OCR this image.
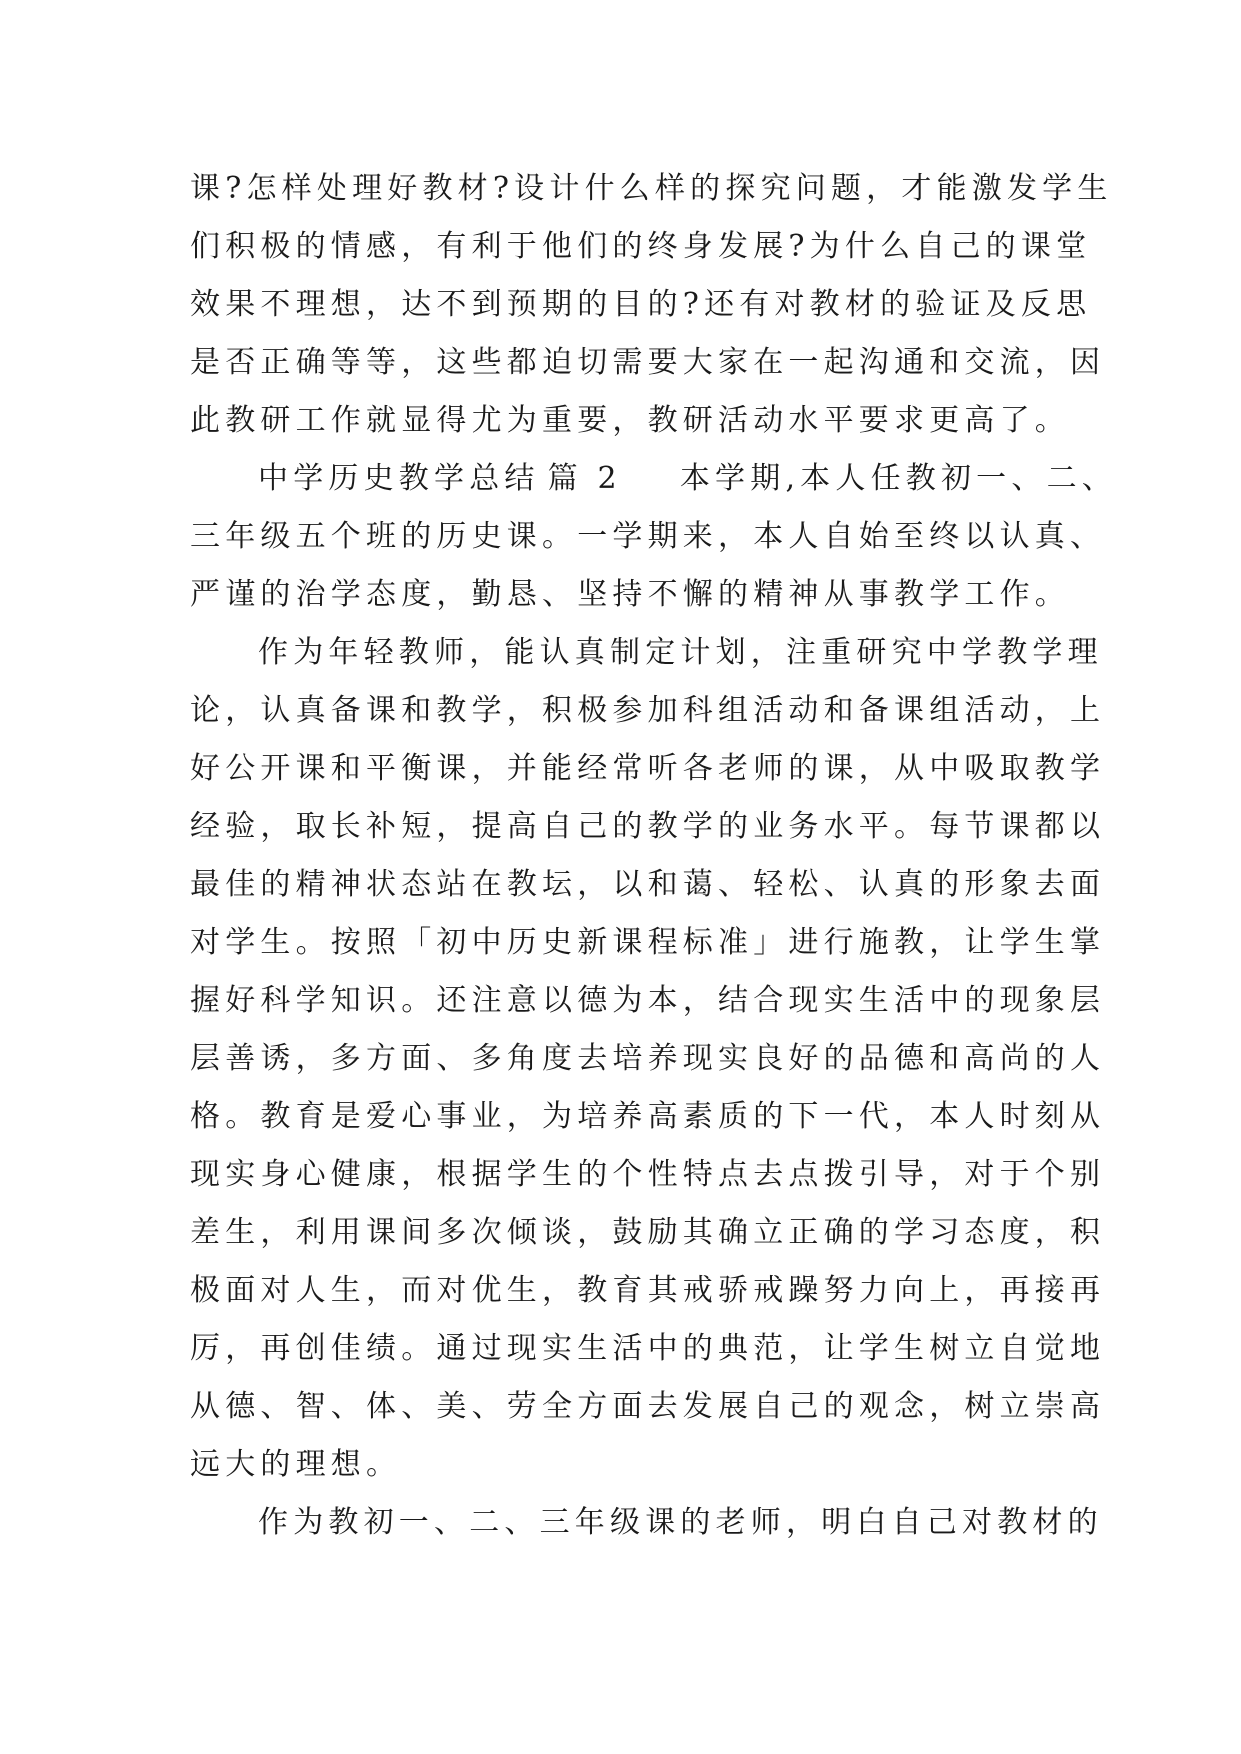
课?怎样处理好教材?设计什么样的探究问题，才能激发学生
们积极的情感，有利于他们的终身发展?为什么自己的课堂
效果不理想，达不到预期的目的?还有对教材的验证及反思
是否正确等等，这些都迫切需要大家在一起沟通和交流，因
此教研工作就显得尤为重要，教研活动水平要求更高了。
中学历史教学总结 篇 2 本学期,本人任教初一、二、
三年级五个班的历史课。一学期来，本人自始至终以认真、
严谨的治学态度，勤恳、坚持不懈的精神从事教学工作。
作为年轻教师，能认真制定计划，注重研究中学教学理
论，认真备课和教学，积极参加科组活动和备课组活动，上
好公开课和平衡课，并能经常听各老师的课，从中吸取教学
经验，取长补短，提高自己的教学的业务水平。每节课都以
最佳的精神状态站在教坛，以和蔼、轻松、认真的形象去面
对学生。按照「初中历史新课程标准」进行施教，让学生掌
握好科学知识。还注意以德为本，结合现实生活中的现象层
层善诱，多方面、多角度去培养现实良好的品德和高尚的人
格。教育是爱心事业，为培养高素质的下一代，本人时刻从
现实身心健康，根据学生的个性特点去点拨引导，对于个别
差生，利用课间多次倾谈，鼓励其确立正确的学习态度，积
极面对人生，而对优生，教育其戒骄戒躁努力向上，再接再
厉，再创佳绩。通过现实生活中的典范，让学生树立自觉地
从德、智、体、美、劳全方面去发展自己的观念，树立崇高
远大的理想。
作为教初一、二、三年级课的老师，明白自己对教材的
